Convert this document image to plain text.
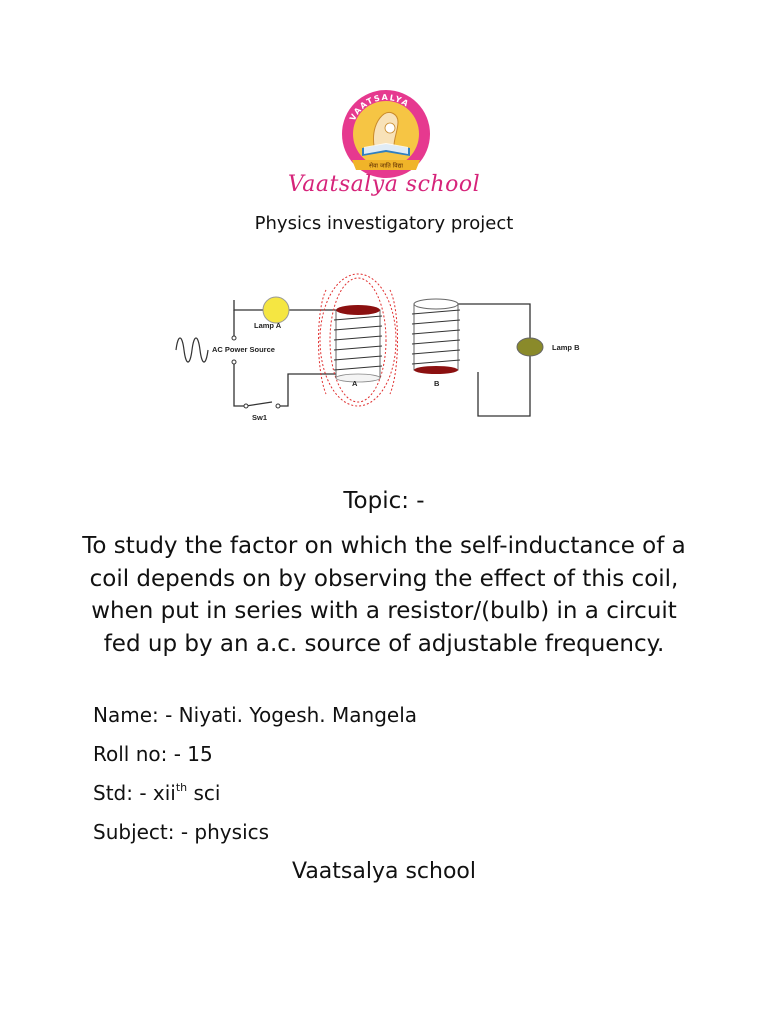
VAATSALYA
सेवा जाति विद्या
Vaatsalya school
Physics investigatory project
AC Power Source
Lamp A
Sw1
A	B
Lamp B
Topic: -
To study the factor on which the self-inductance of a coil depends on by observing the effect of this coil, when put in series with a resistor/(bulb) in a circuit fed up by an a.c. source of adjustable frequency.
Name: - Niyati. Yogesh. Mangela
Roll no: - 15
Std: - xii$^{th}$ sci
Subject: - physics
Vaatsalya school
